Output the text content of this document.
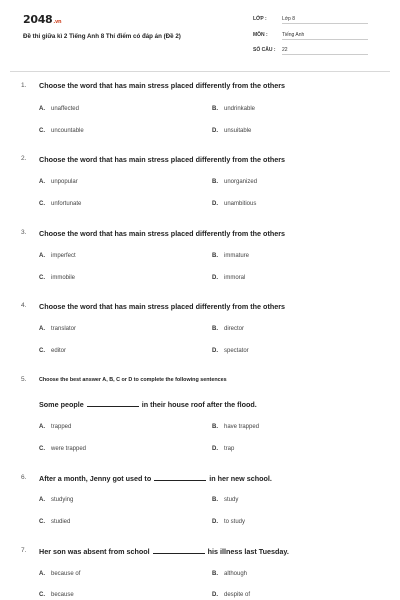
2048.vn
Đề thi giữa kì 2 Tiếng Anh 8 Thí điểm có đáp án (Đề 2)
LỚP :	Lớp 8
MÔN :	Tiếng Anh
SỐ CÂU : 22
1. Choose the word that has main stress placed differently from the others
A. unaffected	B. undrinkable
C. uncountable	D. unsuitable
2. Choose the word that has main stress placed differently from the others
A. unpopular	B. unorganized
C. unfortunate	D. unambitious
3. Choose the word that has main stress placed differently from the others
A. imperfect	B. immature
C. immobile	D. immoral
4. Choose the word that has main stress placed differently from the others
A. translator	B. director
C. editor	D. spectator
5. Choose the best answer A, B, C or D to complete the following sentences
Some people	in their house roof after the flood.
A. trapped	B. have trapped
C. were trapped	D. trap
6. After a month, Jenny got used to	in her new school.
A. studying	B. study
C. studied	D. to study
7. Her son was absent from school	his illness last Tuesday.
A. because of	B. although
C. because	D. despite of
